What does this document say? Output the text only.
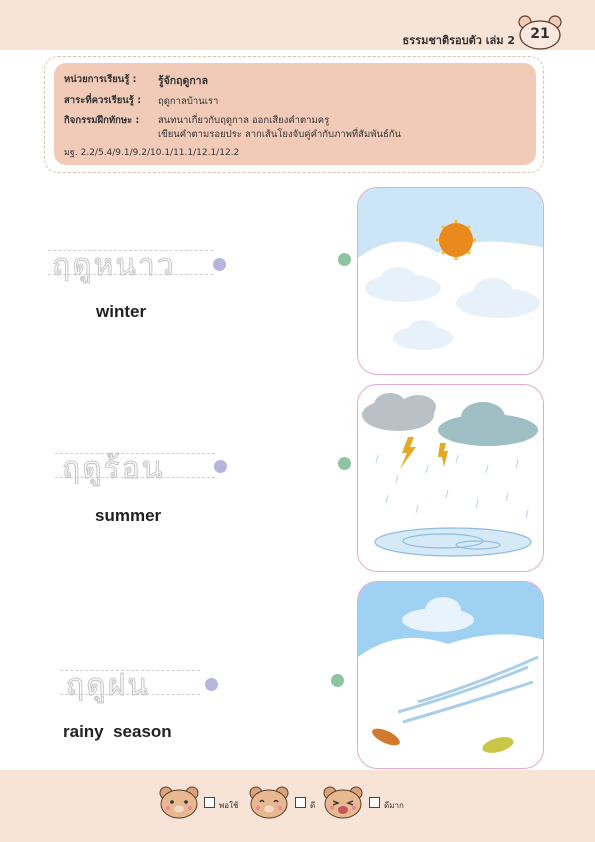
ธรรมชาติรอบตัว เล่ม 2	21
หน่วยการเรียนรู้ : รู้จักฤดูกาล
สาระที่ควรเรียนรู้ : ฤดูกาลบ้านเรา
กิจกรรมฝึกทักษะ : สนทนาเกี่ยวกับฤดูกาล ออกเสียงคำตามครู
เขียนคำตามรอยประ ลากเส้นโยงจับคู่คำกับภาพที่สัมพันธ์กัน
มฐ. 2.2/5.4/9.1/9.2/10.1/11.1/12.1/12.2
ฤดูหนาว
winter
ฤดูร้อน
summer
ฤดูฝน
rainy  season
พอใช้	ดี	ดีมาก
